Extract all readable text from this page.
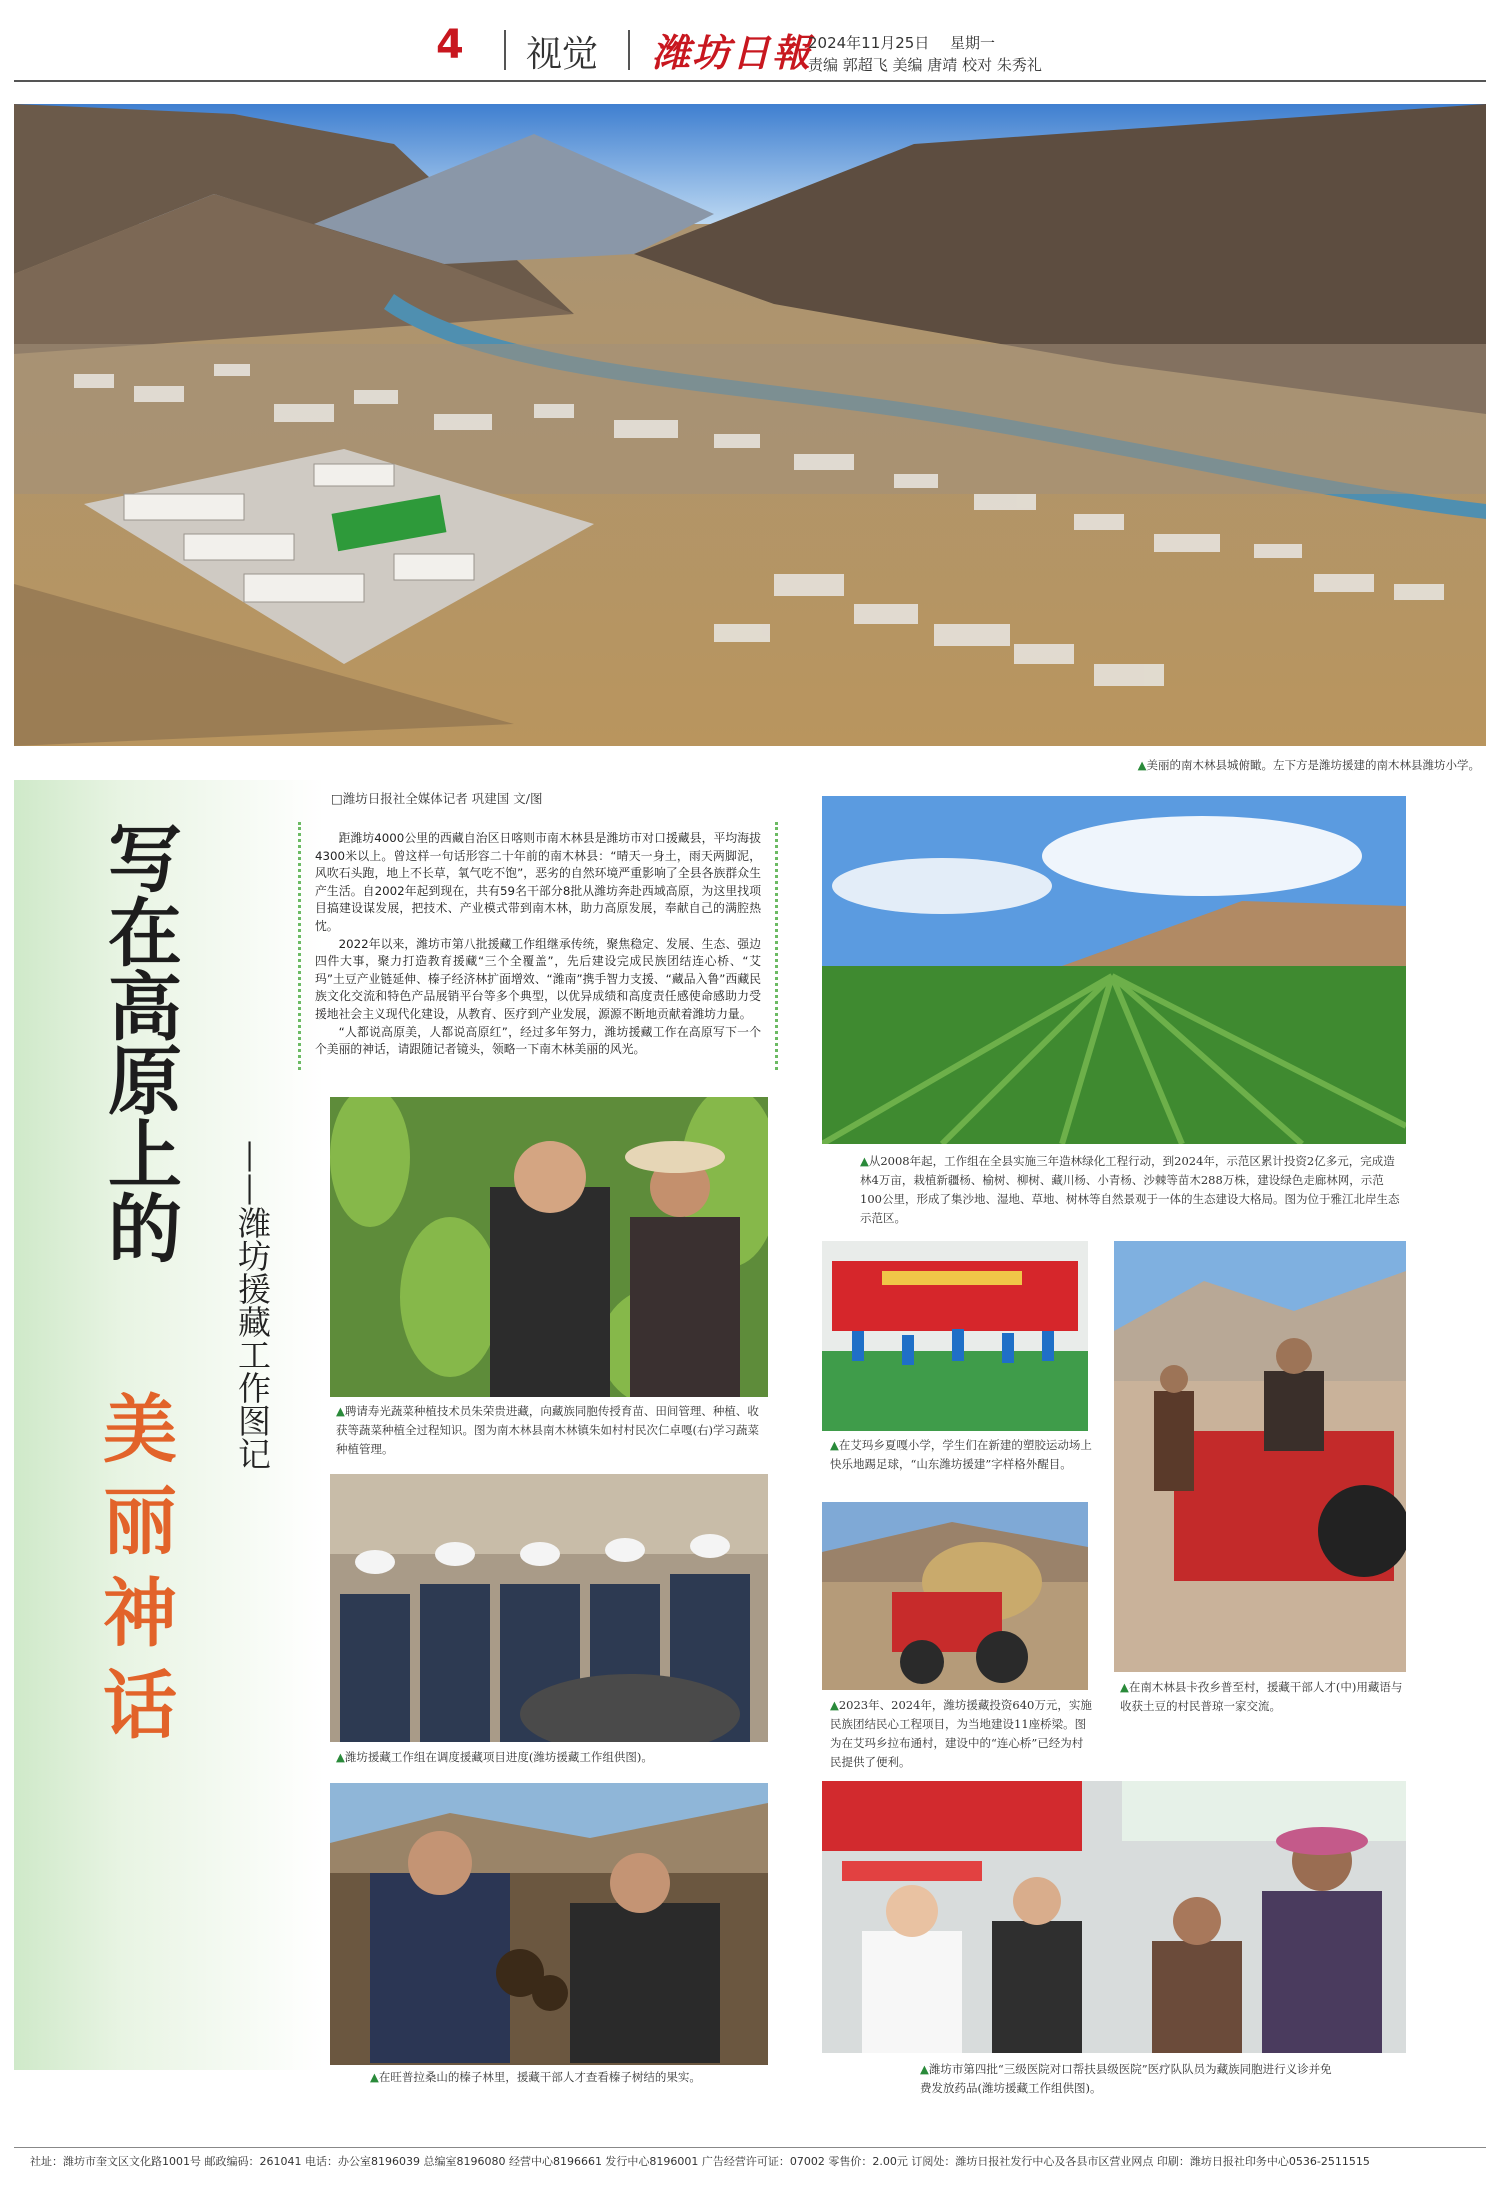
4 视觉 潍坊日報
2024年11月25日 星期一
责编 郭超飞 美编 唐靖 校对 朱秀礼
▲美丽的南木林县城俯瞰。左下方是潍坊援建的南木林县潍坊小学。
写在高原上的
美丽神话
——潍坊援藏工作图记
□潍坊日报社全媒体记者 巩建国 文/图

距潍坊4000公里的西藏自治区日喀则市南木林县是潍坊市对口援藏县，平均海拔4300米以上。曾这样一句话形容二十年前的南木林县：“晴天一身土，雨天两脚泥，风吹石头跑，地上不长草，氧气吃不饱”，恶劣的自然环境严重影响了全县各族群众生产生活。自2002年起到现在，共有59名干部分8批从潍坊奔赴西域高原，为这里找项目搞建设谋发展，把技术、产业模式带到南木林，助力高原发展，奉献自己的满腔热忱。

2022年以来，潍坊市第八批援藏工作组继承传统，聚焦稳定、发展、生态、强边四件大事，聚力打造教育援藏“三个全覆盖”，先后建设完成民族团结连心桥、“艾玛”土豆产业链延伸、榛子经济林扩面增效、“潍南”携手智力支援、“藏品入鲁”西藏民族文化交流和特色产品展销平台等多个典型，以优异成绩和高度责任感使命感助力受援地社会主义现代化建设，从教育、医疗到产业发展，源源不断地贡献着潍坊力量。

“人都说高原美，人都说高原红”，经过多年努力，潍坊援藏工作在高原写下一个个美丽的神话，请跟随记者镜头，领略一下南木林美丽的风光。

▲聘请寿光蔬菜种植技术员朱荣贵进藏，向藏族同胞传授育苗、田间管理、种植、收获等蔬菜种植全过程知识。图为南木林县南木林镇朱如村村民次仁卓嘎(右)学习蔬菜种植管理。
▲潍坊援藏工作组在调度援藏项目进度(潍坊援藏工作组供图)。
▲在旺普拉桑山的榛子林里，援藏干部人才查看榛子树结的果实。
▲从2008年起，工作组在全县实施三年造林绿化工程行动，到2024年，示范区累计投资2亿多元，完成造林4万亩，栽植新疆杨、榆树、柳树、藏川杨、小青杨、沙棘等苗木288万株，建设绿色走廊林网，示范100公里，形成了集沙地、湿地、草地、树林等自然景观于一体的生态建设大格局。图为位于雅江北岸生态示范区。
▲在艾玛乡夏嘎小学，学生们在新建的塑胶运动场上快乐地踢足球，“山东潍坊援建”字样格外醒目。
▲2023年、2024年，潍坊援藏投资640万元，实施民族团结民心工程项目，为当地建设11座桥梁。图为在艾玛乡拉布通村，建设中的“连心桥”已经为村民提供了便利。
▲在南木林县卡孜乡普至村，援藏干部人才(中)用藏语与收获土豆的村民普琼一家交流。
▲潍坊市第四批“三级医院对口帮扶县级医院”医疗队队员为藏族同胞进行义诊并免费发放药品(潍坊援藏工作组供图)。
社址：潍坊市奎文区文化路1001号 邮政编码：261041 电话：办公室8196039 总编室8196080 经营中心8196661 发行中心8196001 广告经营许可证：07002 零售价：2.00元 订阅处：潍坊日报社发行中心及各县市区营业网点 印刷：潍坊日报社印务中心0536-2511515
